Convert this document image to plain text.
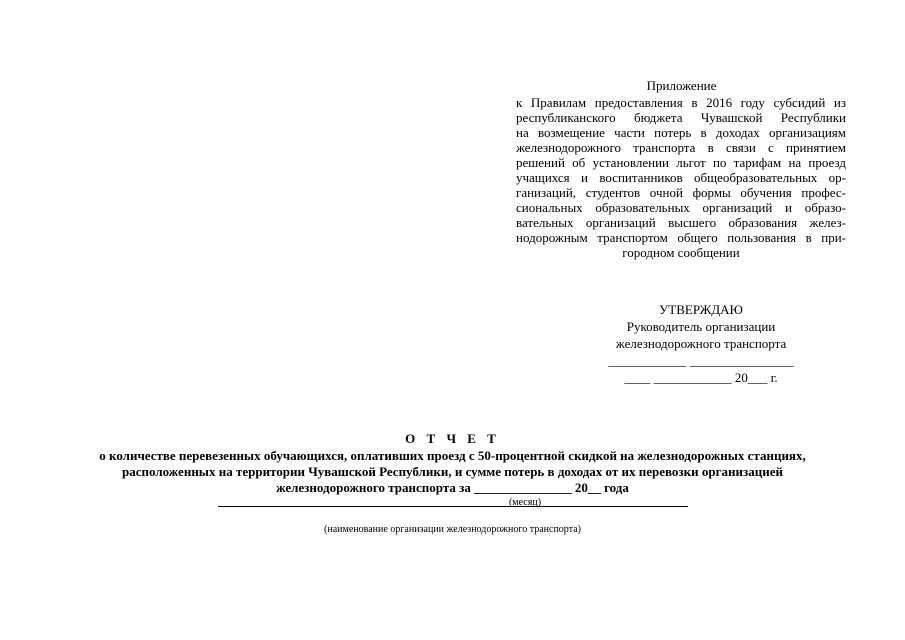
Приложение
к Правилам предоставления в 2016 году субсидий из
республиканского бюджета Чувашской Республики
на возмещение части потерь в доходах организациям
железнодорожного транспорта в связи с принятием
решений об установлении льгот по тарифам на проезд
учащихся и воспитанников общеобразовательных ор-
ганизаций, студентов очной формы обучения профес-
сиональных образовательных организаций и образо-
вательных организаций высшего образования желез-
нодорожным транспортом общего пользования в при-
городном сообщении
УТВЕРЖДАЮ
Руководитель организации
железнодорожного транспорта
____________ ________________
____ ____________ 20___ г.
О Т Ч Е Т
о количестве перевезенных обучающихся, оплативших проезд с 50-процентной скидкой на железнодорожных станциях,
расположенных на территории Чувашской Республики, и сумме потерь в доходах от их перевозки организацией
железнодорожного транспорта за _______________ 20__ года
(месяц)
(наименование организации железнодорожного транспорта)
